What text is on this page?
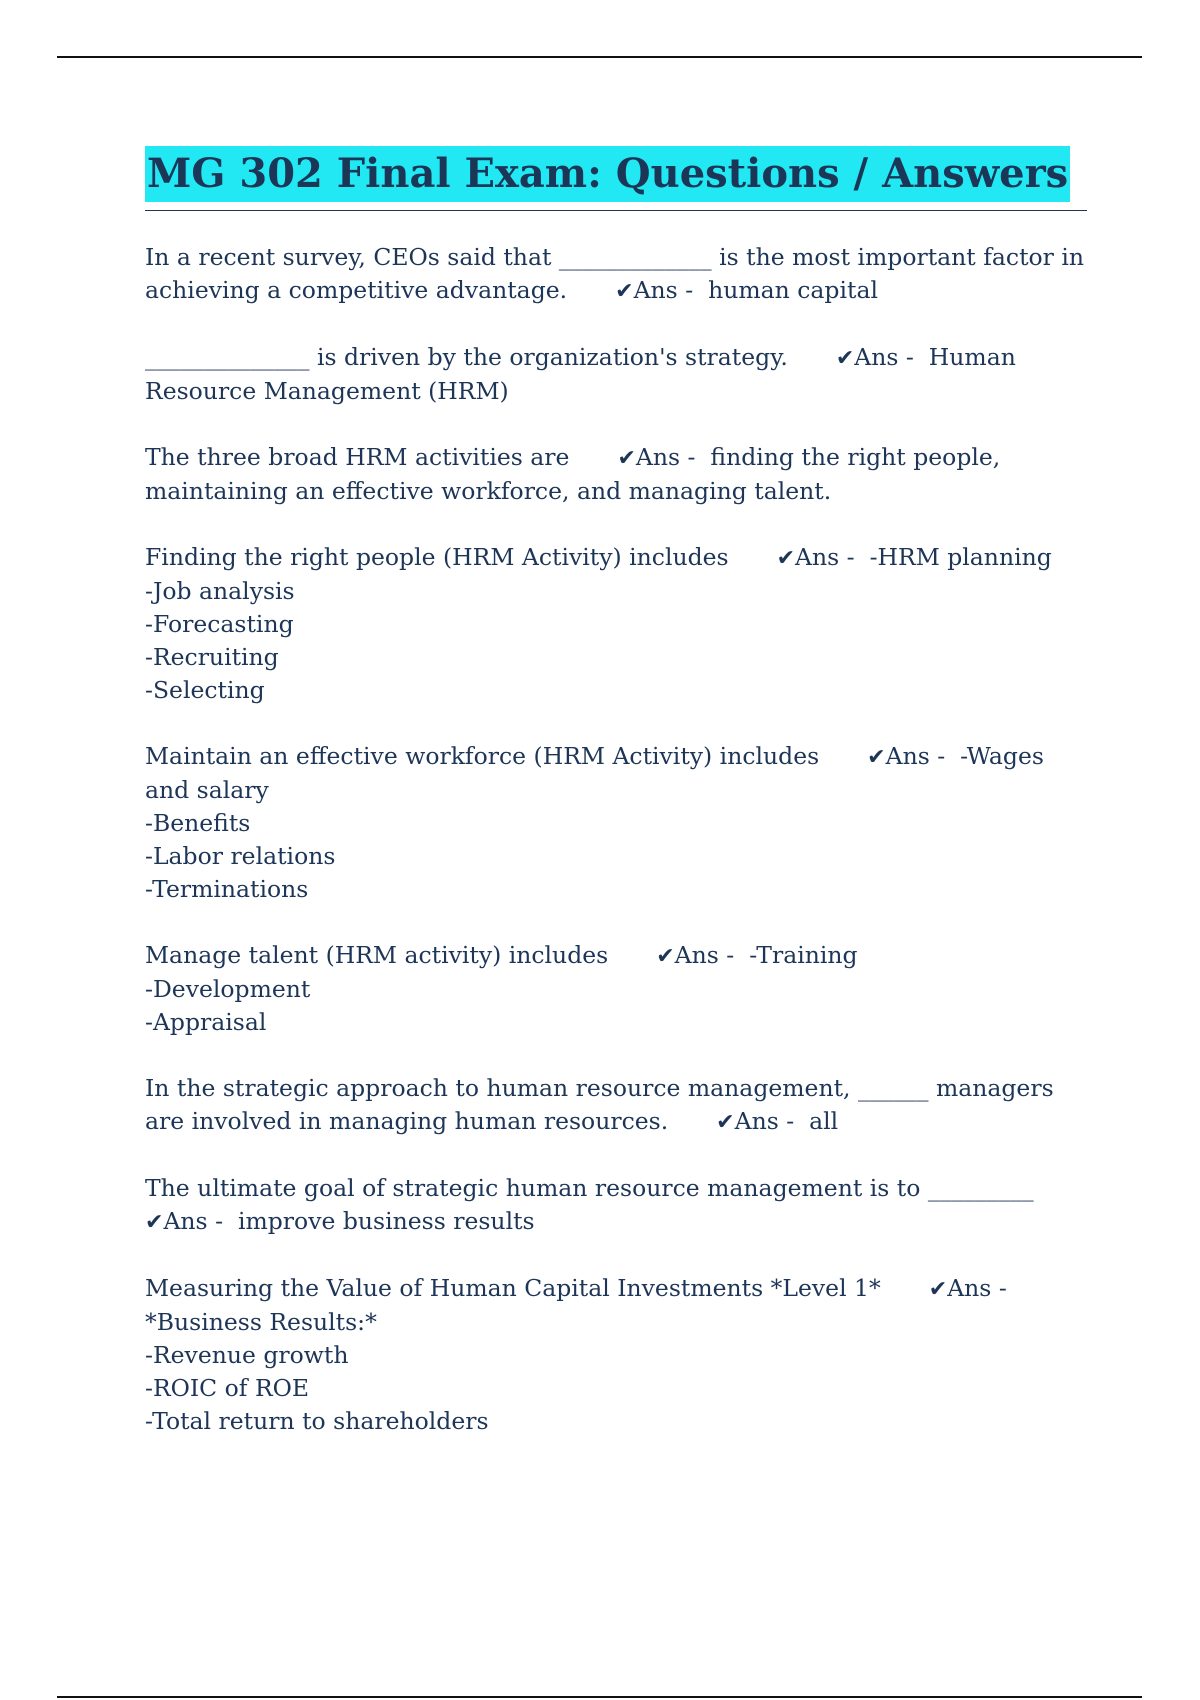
MG 302 Final Exam: Questions / Answers

In a recent survey, CEOs said that _____________ is the most important factor in achieving a competitive advantage. ✔Ans - human capital

______________ is driven by the organization's strategy. ✔Ans - Human Resource Management (HRM)

The three broad HRM activities are ✔Ans - finding the right people, maintaining an effective workforce, and managing talent.

Finding the right people (HRM Activity) includes ✔Ans - -HRM planning
-Job analysis
-Forecasting
-Recruiting
-Selecting

Maintain an effective workforce (HRM Activity) includes ✔Ans - -Wages and salary
-Benefits
-Labor relations
-Terminations

Manage talent (HRM activity) includes ✔Ans - -Training
-Development
-Appraisal

In the strategic approach to human resource management, ______ managers are involved in managing human resources. ✔Ans - all

The ultimate goal of strategic human resource management is to _________ ✔Ans - improve business results

Measuring the Value of Human Capital Investments *Level 1* ✔Ans - *Business Results:*
-Revenue growth
-ROIC of ROE
-Total return to shareholders
